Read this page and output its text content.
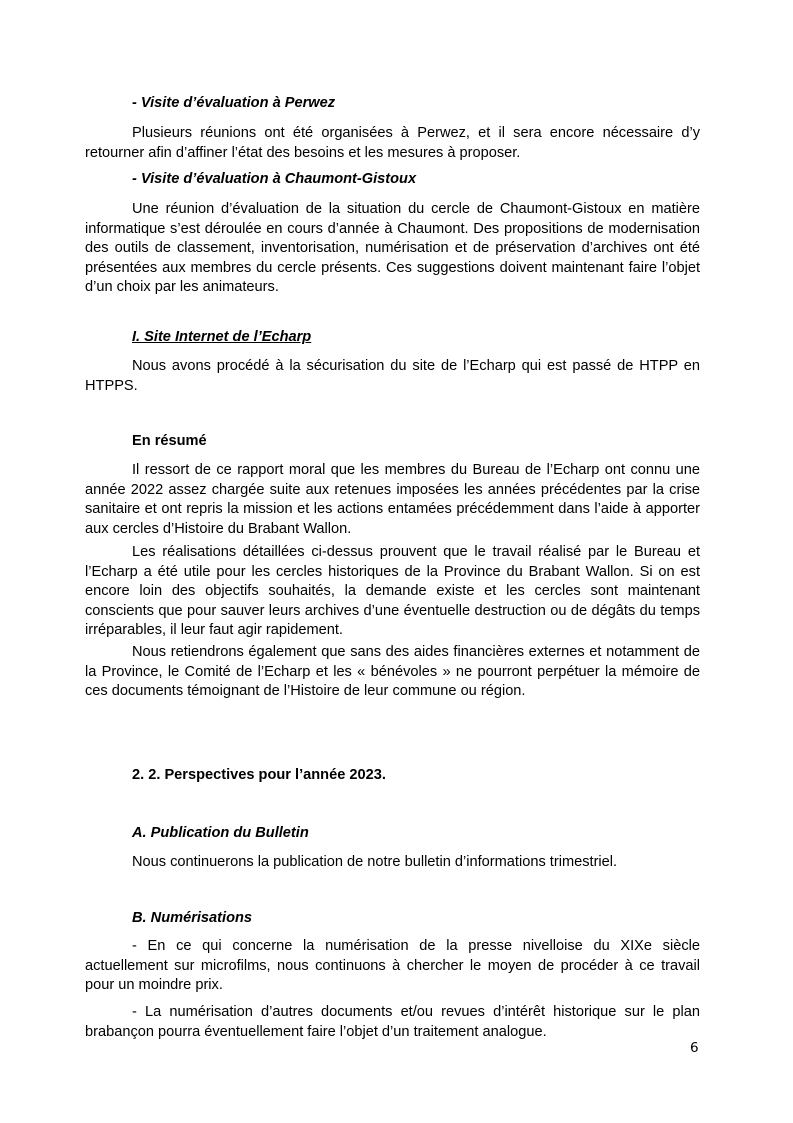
- Visite d’évaluation à Perwez

Plusieurs réunions ont été organisées à Perwez, et il sera encore nécessaire d’y retourner afin d’affiner l’état des besoins et les mesures à proposer.

- Visite d’évaluation à Chaumont-Gistoux

Une réunion d’évaluation de la situation du cercle de Chaumont-Gistoux en matière informatique s’est déroulée en cours d’année à Chaumont. Des propositions de modernisation des outils de classement, inventorisation, numérisation et de préservation d’archives ont été présentées aux membres du cercle présents. Ces suggestions doivent maintenant faire l’objet d’un choix par les animateurs.

I. Site Internet de l’Echarp

Nous avons procédé à la sécurisation du site de l’Echarp qui est passé de HTPP en HTPPS.

En résumé

Il ressort de ce rapport moral que les membres du Bureau de l’Echarp ont connu une année 2022 assez chargée suite aux retenues imposées les années précédentes par la crise sanitaire et ont repris la mission et les actions entamées précédemment dans l’aide à apporter aux cercles d’Histoire du Brabant Wallon.

Les réalisations détaillées ci-dessus prouvent que le travail réalisé par le Bureau et l’Echarp a été utile pour les cercles historiques de la Province du Brabant Wallon. Si on est encore loin des objectifs souhaités, la demande existe et les cercles sont maintenant conscients que pour sauver leurs archives d’une éventuelle destruction ou de dégâts du temps irréparables, il leur faut agir rapidement.

Nous retiendrons également que sans des aides financières externes et notamment de la Province, le Comité de l’Echarp et les « bénévoles » ne pourront perpétuer la mémoire de ces documents témoignant de l’Histoire de leur commune ou région.

2. 2. Perspectives pour l’année 2023.
A. Publication du Bulletin
Nous continuerons la publication de notre bulletin d’informations trimestriel.
B. Numérisations

- En ce qui concerne la numérisation de la presse nivelloise du XIXe siècle actuellement sur microfilms, nous continuons à chercher le moyen de procéder à ce travail pour un moindre prix.

- La numérisation d’autres documents et/ou revues d’intérêt historique sur le plan brabançon pourra éventuellement faire l’objet d’un traitement analogue.

6
